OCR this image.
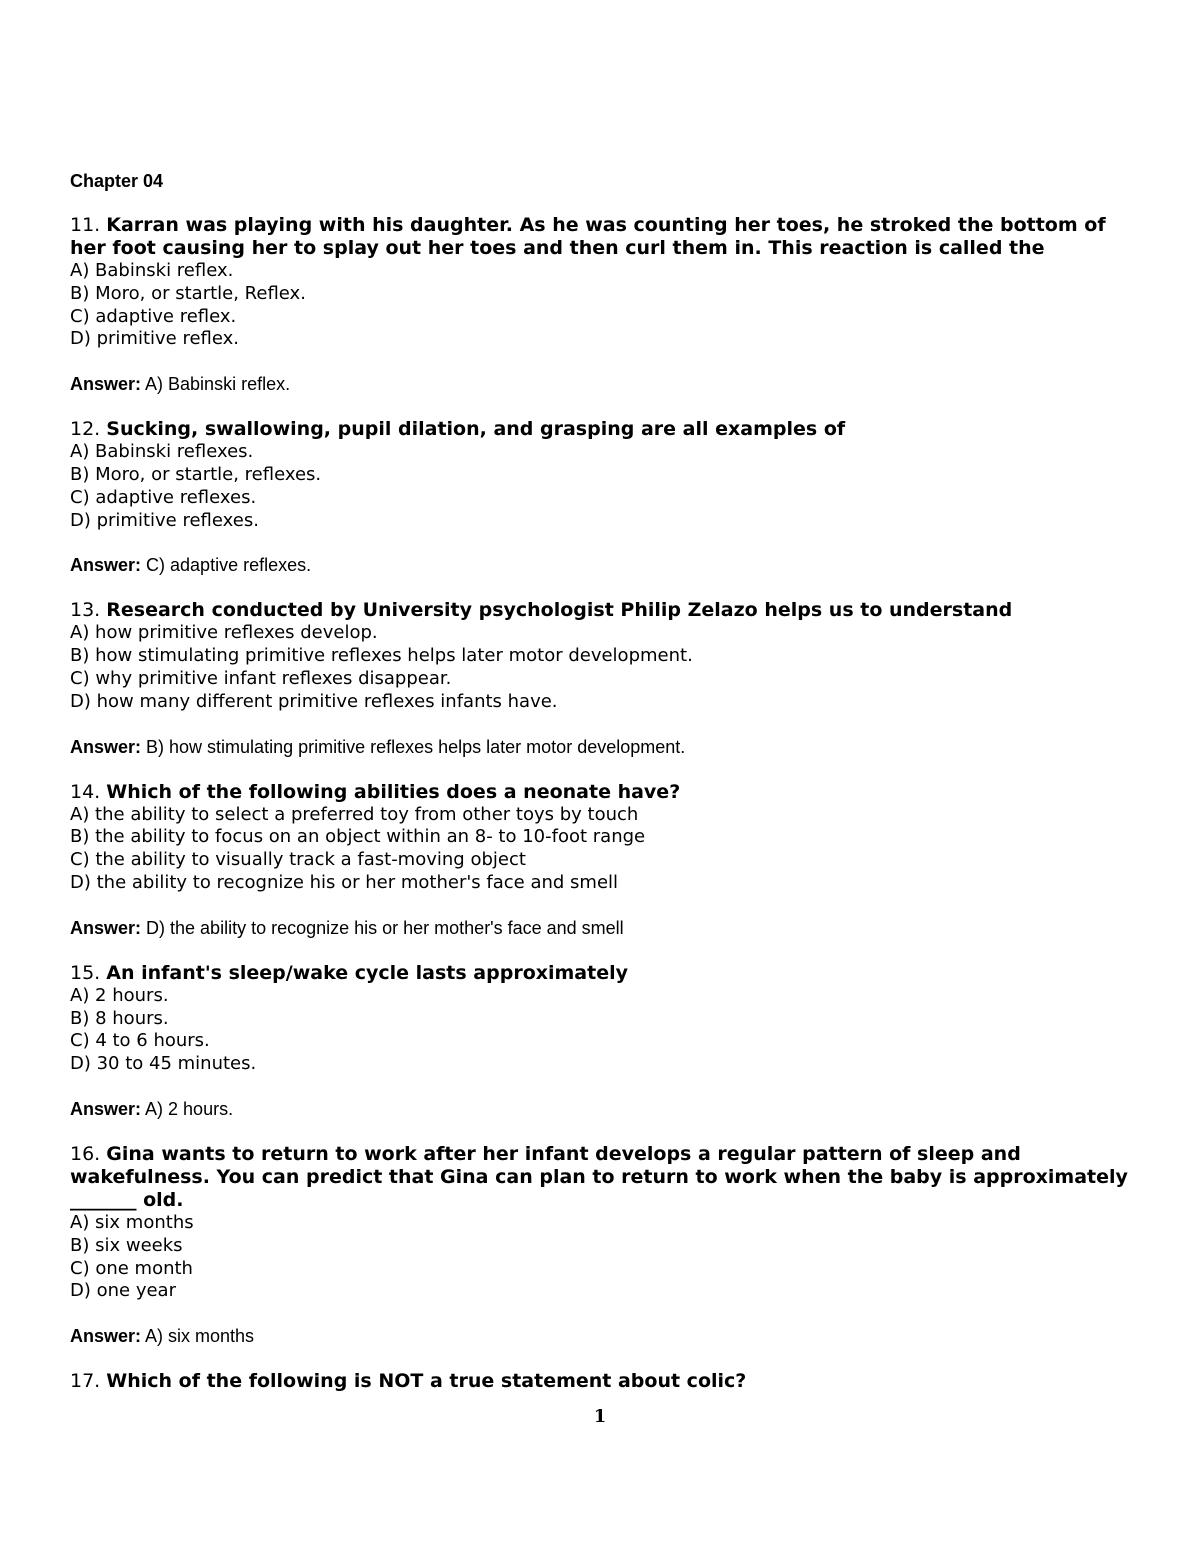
Chapter 04

11. Karran was playing with his daughter. As he was counting her toes, he stroked the bottom of her foot causing her to splay out her toes and then curl them in. This reaction is called the

A) Babinski reflex.

B) Moro, or startle, Reflex.

C) adaptive reflex.

D) primitive reflex.

Answer: A) Babinski reflex.

12. Sucking, swallowing, pupil dilation, and grasping are all examples of

A) Babinski reflexes.

B) Moro, or startle, reflexes.

C) adaptive reflexes.

D) primitive reflexes.

Answer: C) adaptive reflexes.

13. Research conducted by University psychologist Philip Zelazo helps us to understand

A) how primitive reflexes develop.

B) how stimulating primitive reflexes helps later motor development.

C) why primitive infant reflexes disappear.

D) how many different primitive reflexes infants have.

Answer: B) how stimulating primitive reflexes helps later motor development.

14. Which of the following abilities does a neonate have?

A) the ability to select a preferred toy from other toys by touch

B) the ability to focus on an object within an 8- to 10-foot range

C) the ability to visually track a fast-moving object

D) the ability to recognize his or her mother's face and smell

Answer: D) the ability to recognize his or her mother's face and smell

15. An infant's sleep/wake cycle lasts approximately

A) 2 hours.

B) 8 hours.

C) 4 to 6 hours.

D) 30 to 45 minutes.

Answer: A) 2 hours.

16. Gina wants to return to work after her infant develops a regular pattern of sleep and wakefulness. You can predict that Gina can plan to return to work when the baby is approximately _______ old.

A) six months

B) six weeks

C) one month

D) one year

Answer: A) six months

17. Which of the following is NOT a true statement about colic?

1
